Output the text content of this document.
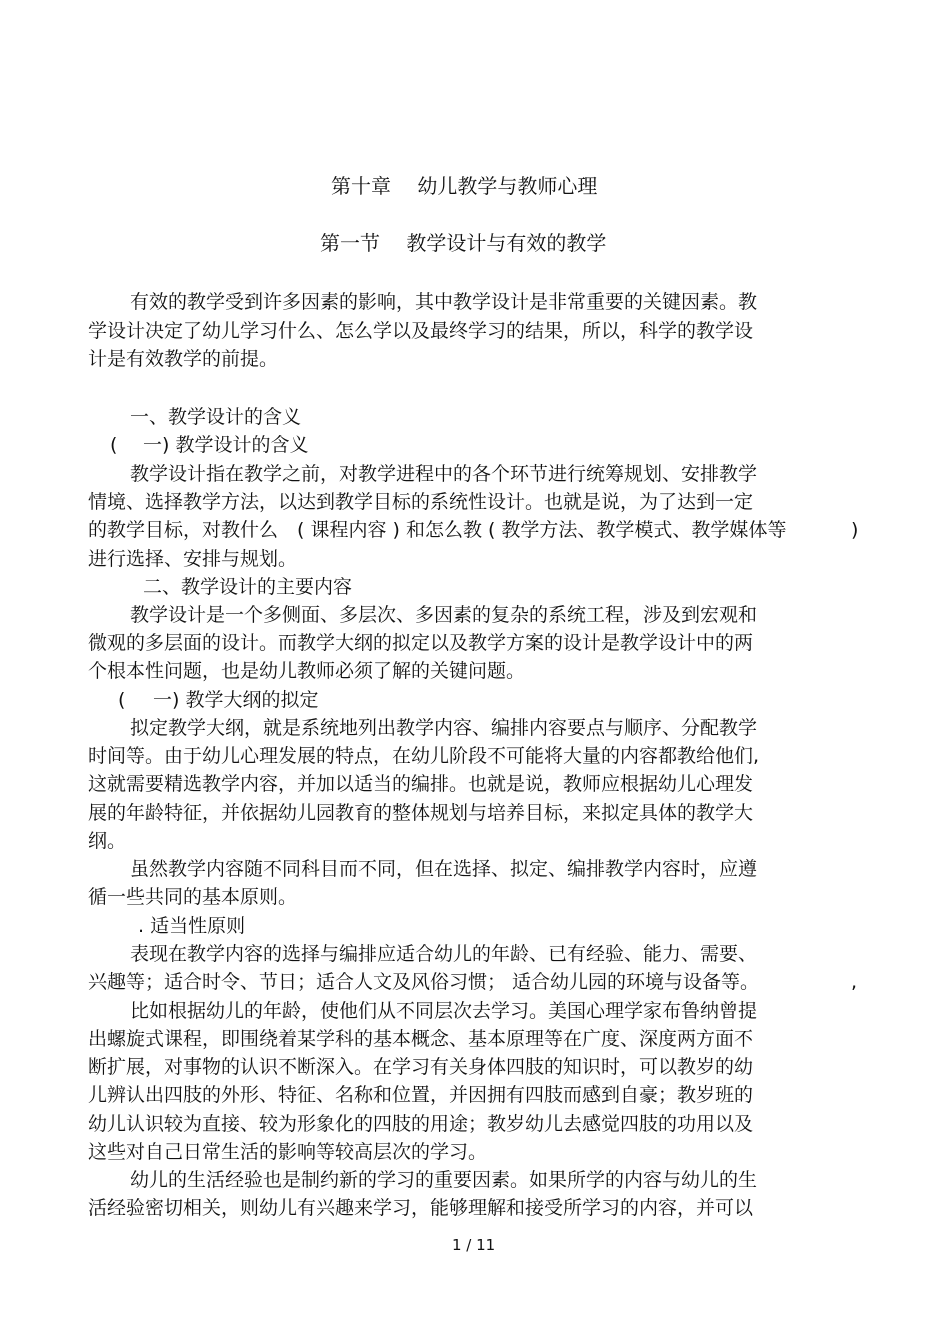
第十章　 幼儿教学与教师心理
第一节　 教学设计与有效的教学
有效的教学受到许多因素的影响，其中教学设计是非常重要的关键因素。教
学设计决定了幼儿学习什么、怎么学以及最终学习的结果，所以，科学的教学设
计是有效教学的前提。
一、教学设计的含义
( 一) 教学设计的含义
教学设计指在教学之前，对教学进程中的各个环节进行统筹规划、安排教学
情境、选择教学方法，以达到教学目标的系统性设计。也就是说，为了达到一定
的教学目标，对教什么　( 课程内容 ) 和怎么教 ( 教学方法、教学模式、教学媒体等	)
进行选择、安排与规划。
二、教学设计的主要内容
教学设计是一个多侧面、多层次、多因素的复杂的系统工程，涉及到宏观和
微观的多层面的设计。而教学大纲的拟定以及教学方案的设计是教学设计中的两
个根本性问题，也是幼儿教师必须了解的关键问题。
( 一) 教学大纲的拟定
拟定教学大纲，就是系统地列出教学内容、编排内容要点与顺序、分配教学
时间等。由于幼儿心理发展的特点，在幼儿阶段不可能将大量的内容都教给他们,
这就需要精选教学内容，并加以适当的编排。也就是说，教师应根据幼儿心理发
展的年龄特征，并依据幼儿园教育的整体规划与培养目标，来拟定具体的教学大
纲。
虽然教学内容随不同科目而不同，但在选择、拟定、编排教学内容时，应遵
循一些共同的基本原则。
. 适当性原则
表现在教学内容的选择与编排应适合幼儿的年龄、已有经验、能力、需要、
兴趣等；适合时令、节日；适合人文及风俗习惯； 适合幼儿园的环境与设备等。	,
比如根据幼儿的年龄，使他们从不同层次去学习。美国心理学家布鲁纳曾提
出螺旋式课程，即围绕着某学科的基本概念、基本原理等在广度、深度两方面不
断扩展，对事物的认识不断深入。在学习有关身体四肢的知识时，可以教岁的幼
儿辨认出四肢的外形、特征、名称和位置，并因拥有四肢而感到自豪；教岁班的
幼儿认识较为直接、较为形象化的四肢的用途；教岁幼儿去感觉四肢的功用以及
这些对自己日常生活的影响等较高层次的学习。
幼儿的生活经验也是制约新的学习的重要因素。如果所学的内容与幼儿的生
活经验密切相关，则幼儿有兴趣来学习，能够理解和接受所学习的内容，并可以
1 / 11
